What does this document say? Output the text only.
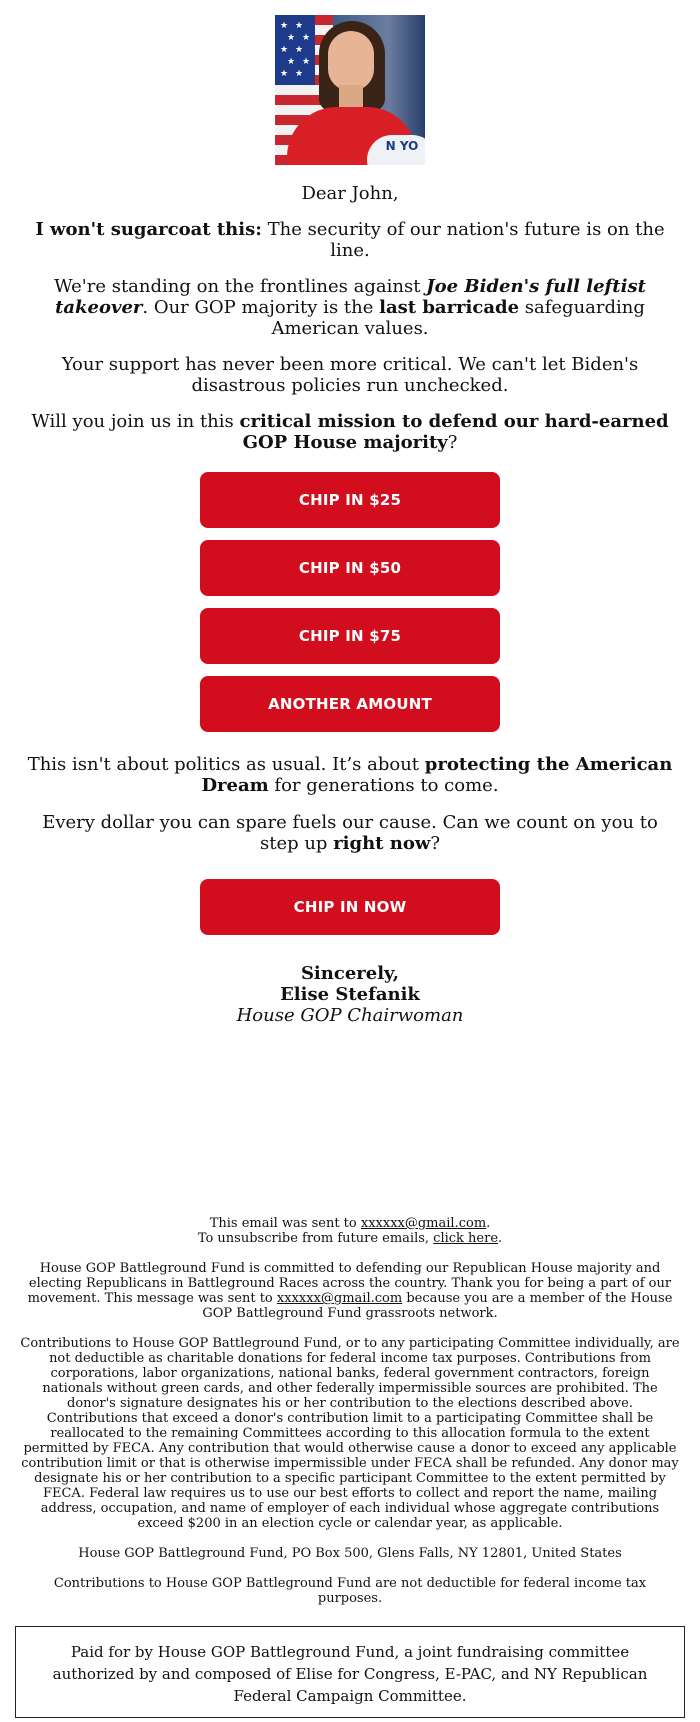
★ ★
★ ★
★ ★
★ ★
★ ★
N YO

Dear John,

I won't sugarcoat this: The security of our nation's future is on the line.

We're standing on the frontlines against Joe Biden's full leftist takeover. Our GOP majority is the last barricade safeguarding American values.

Your support has never been more critical. We can't let Biden's disastrous policies run unchecked.

Will you join us in this critical mission to defend our hard-earned GOP House majority?

CHIP IN $25
CHIP IN $50
CHIP IN $75
ANOTHER AMOUNT

This isn't about politics as usual. It’s about protecting the American Dream for generations to come.

Every dollar you can spare fuels our cause. Can we count on you to step up right now?

CHIP IN NOW
Sincerely,
Elise Stefanik
House GOP Chairwoman
This email was sent to xxxxxx@gmail.com.
To unsubscribe from future emails, click here.
House GOP Battleground Fund is committed to defending our Republican House majority and electing Republicans in Battleground Races across the country. Thank you for being a part of our movement. This message was sent to xxxxxx@gmail.com because you are a member of the House GOP Battleground Fund grassroots network.
Contributions to House GOP Battleground Fund, or to any participating Committee individually, are not deductible as charitable donations for federal income tax purposes. Contributions from corporations, labor organizations, national banks, federal government contractors, foreign nationals without green cards, and other federally impermissible sources are prohibited. The donor's signature designates his or her contribution to the elections described above. Contributions that exceed a donor's contribution limit to a participating Committee shall be reallocated to the remaining Committees according to this allocation formula to the extent permitted by FECA. Any contribution that would otherwise cause a donor to exceed any applicable contribution limit or that is otherwise impermissible under FECA shall be refunded. Any donor may designate his or her contribution to a specific participant Committee to the extent permitted by FECA. Federal law requires us to use our best efforts to collect and report the name, mailing address, occupation, and name of employer of each individual whose aggregate contributions exceed $200 in an election cycle or calendar year, as applicable.
House GOP Battleground Fund, PO Box 500, Glens Falls, NY 12801, United States
Contributions to House GOP Battleground Fund are not deductible for federal income tax purposes.
Paid for by House GOP Battleground Fund, a joint fundraising committee authorized by and composed of Elise for Congress, E-PAC, and NY Republican Federal Campaign Committee.
